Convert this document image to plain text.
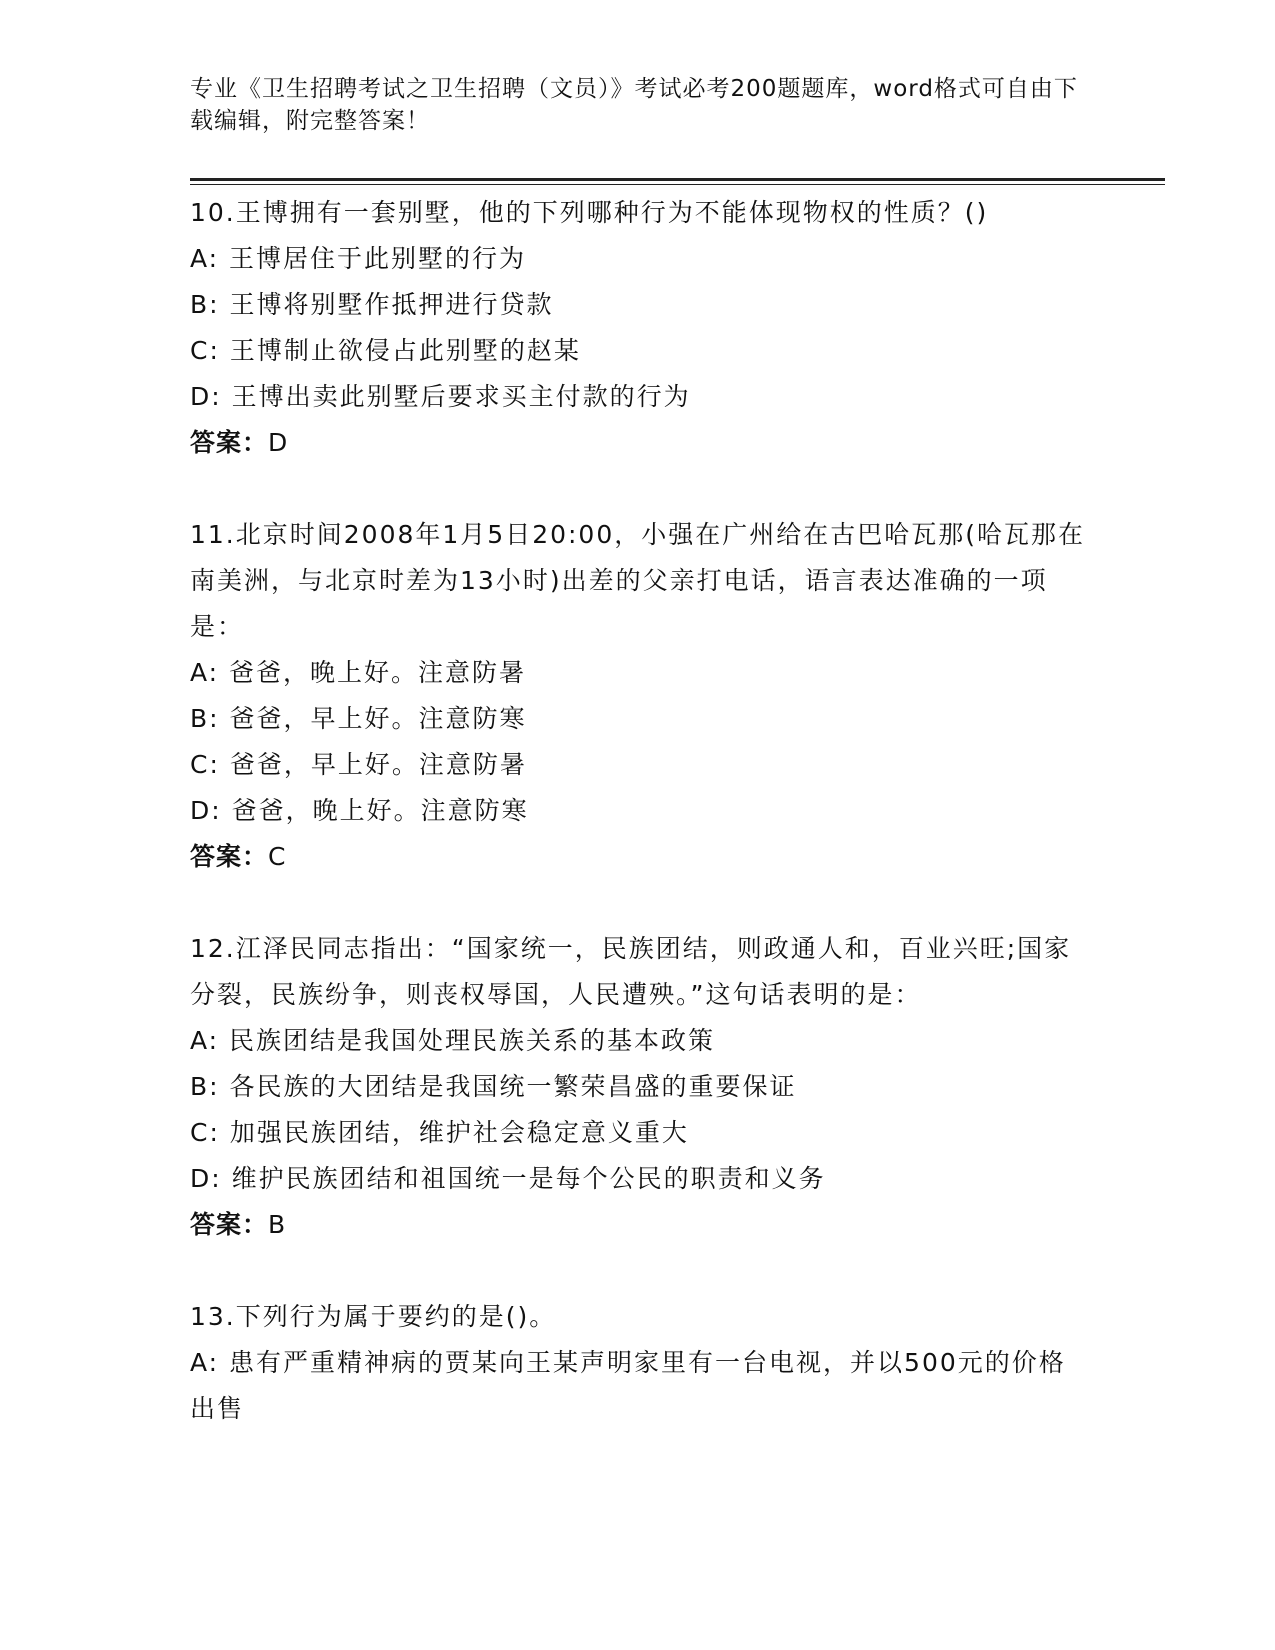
专业《卫生招聘考试之卫生招聘（文员）》考试必考200题题库，word格式可自由下载编辑，附完整答案！

10.王博拥有一套别墅，他的下列哪种行为不能体现物权的性质？()

A: 王博居住于此别墅的行为

B: 王博将别墅作抵押进行贷款

C: 王博制止欲侵占此别墅的赵某

D: 王博出卖此别墅后要求买主付款的行为

答案：D

11.北京时间2008年1月5日20:00，小强在广州给在古巴哈瓦那(哈瓦那在南美洲，与北京时差为13小时)出差的父亲打电话，语言表达准确的一项是：

A: 爸爸，晚上好。注意防暑

B: 爸爸，早上好。注意防寒

C: 爸爸，早上好。注意防暑

D: 爸爸，晚上好。注意防寒

答案：C

12.江泽民同志指出：“国家统一，民族团结，则政通人和，百业兴旺;国家分裂，民族纷争，则丧权辱国，人民遭殃。”这句话表明的是：

A: 民族团结是我国处理民族关系的基本政策

B: 各民族的大团结是我国统一繁荣昌盛的重要保证

C: 加强民族团结，维护社会稳定意义重大

D: 维护民族团结和祖国统一是每个公民的职责和义务

答案：B

13.下列行为属于要约的是()。

A: 患有严重精神病的贾某向王某声明家里有一台电视，并以500元的价格出售
